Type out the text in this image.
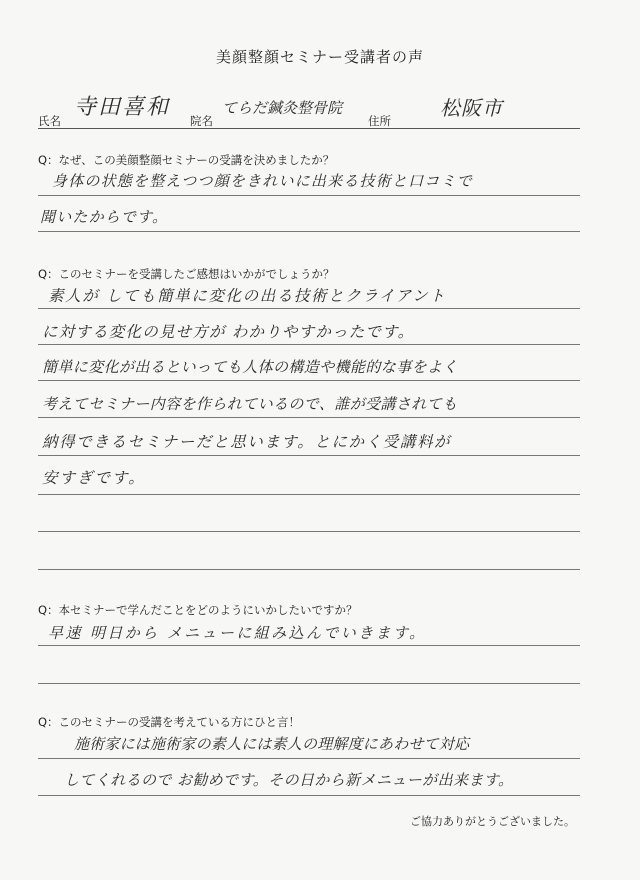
美顔整顔セミナー受講者の声
氏名
寺田喜和
院名
てらだ鍼灸整骨院
住所
松阪市
Q：なぜ、この美顔整顔セミナーの受講を決めましたか？
身体の状態を整えつつ顔をきれいに出来る技術と口コミで
聞いたからです。
Q：このセミナーを受講したご感想はいかがでしょうか？
素人が しても簡単に変化の出る技術とクライアント
に対する変化の見せ方が わかりやすかったです。
簡単に変化が出るといっても人体の構造や機能的な事をよく
考えてセミナー内容を作られているので、誰が受講されても
納得できるセミナーだと思います。とにかく受講料が
安すぎです。
Q：本セミナーで学んだことをどのようにいかしたいですか？
早速 明日から メニューに組み込んでいきます。
Q：このセミナーの受講を考えている方にひと言！
施術家には施術家の素人には素人の理解度にあわせて対応
してくれるので お勧めです。その日から新メニューが出来ます。
ご協力ありがとうございました。
